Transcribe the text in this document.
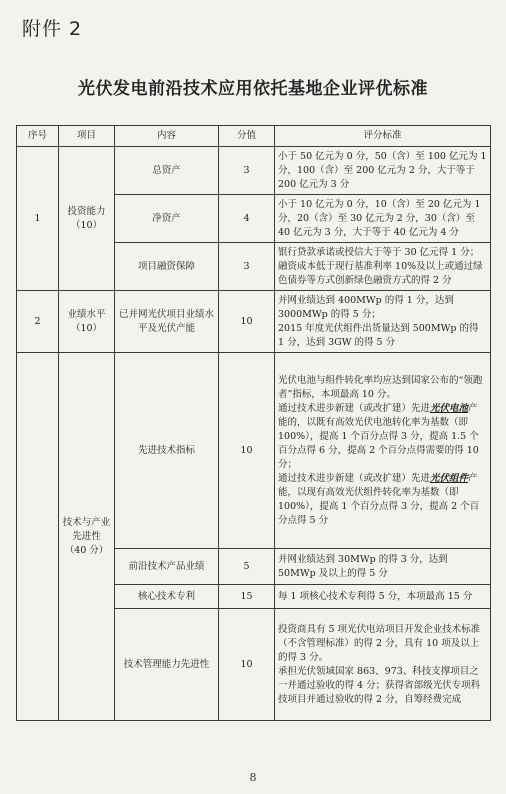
附件 2
光伏发电前沿技术应用依托基地企业评优标准
序号	项目	内容	分值	评分标准
1	投资能力（10）	总资产	3	小于 50 亿元为 0 分，50（含）至 100 亿元为 1 分，100（含）至 200 亿元为 2 分，大于等于 200 亿元为 3 分
		净资产	4	小于 10 亿元为 0 分，10（含）至 20 亿元为 1 分，20（含）至 30 亿元为 2 分，30（含）至 40 亿元为 3 分，大于等于 40 亿元为 4 分
		项目融资保障	3	银行贷款承诺或授信大于等于 30 亿元得 1 分；融资成本低于现行基准利率 10%及以上或通过绿色债券等方式创新绿色融资方式的得 2 分
2	业绩水平（10）	已并网光伏项目业绩水平及光伏产能	10	并网业绩达到 400MWp 的得 1 分，达到 3000MWp 的得 5 分；
2015 年度光伏组件出货量达到 500MWp 的得 1 分，达到 3GW 的得 5 分

	技术与产业先进性（40 分）	先进技术指标	10	光伏电池与组件转化率均应达到国家公布的“领跑者”指标，本项最高 10 分。
通过技术进步新建（或改扩建）先进光伏电池产能的，以既有高效光伏电池转化率为基数（即 100%），提高 1 个百分点得 3 分，提高 1.5 个百分点得 6 分，提高 2 个百分点得需要的得 10 分；
通过技术进步新建（或改扩建）先进光伏组件产能，以现有高效光伏组件转化率为基数（即 100%），提高 1 个百分点得 3 分，提高 2 个百分点得 5 分

		前沿技术产品业绩	5	并网业绩达到 30MWp 的得 3 分，达到 50MWp 及以上的得 5 分
		核心技术专利	15	每 1 项核心技术专利得 5 分，本项最高 15 分
		技术管理能力先进性	10	投资商具有 5 项光伏电站项目开发企业技术标准（不含管理标准）的得 2 分，具有 10 项及以上的得 3 分。
承担光伏领域国家 863、973、科技支撑项目之一并通过验收的得 4 分；获得省部级光伏专项科技项目并通过验收的得 2 分，自筹经费完成
8
